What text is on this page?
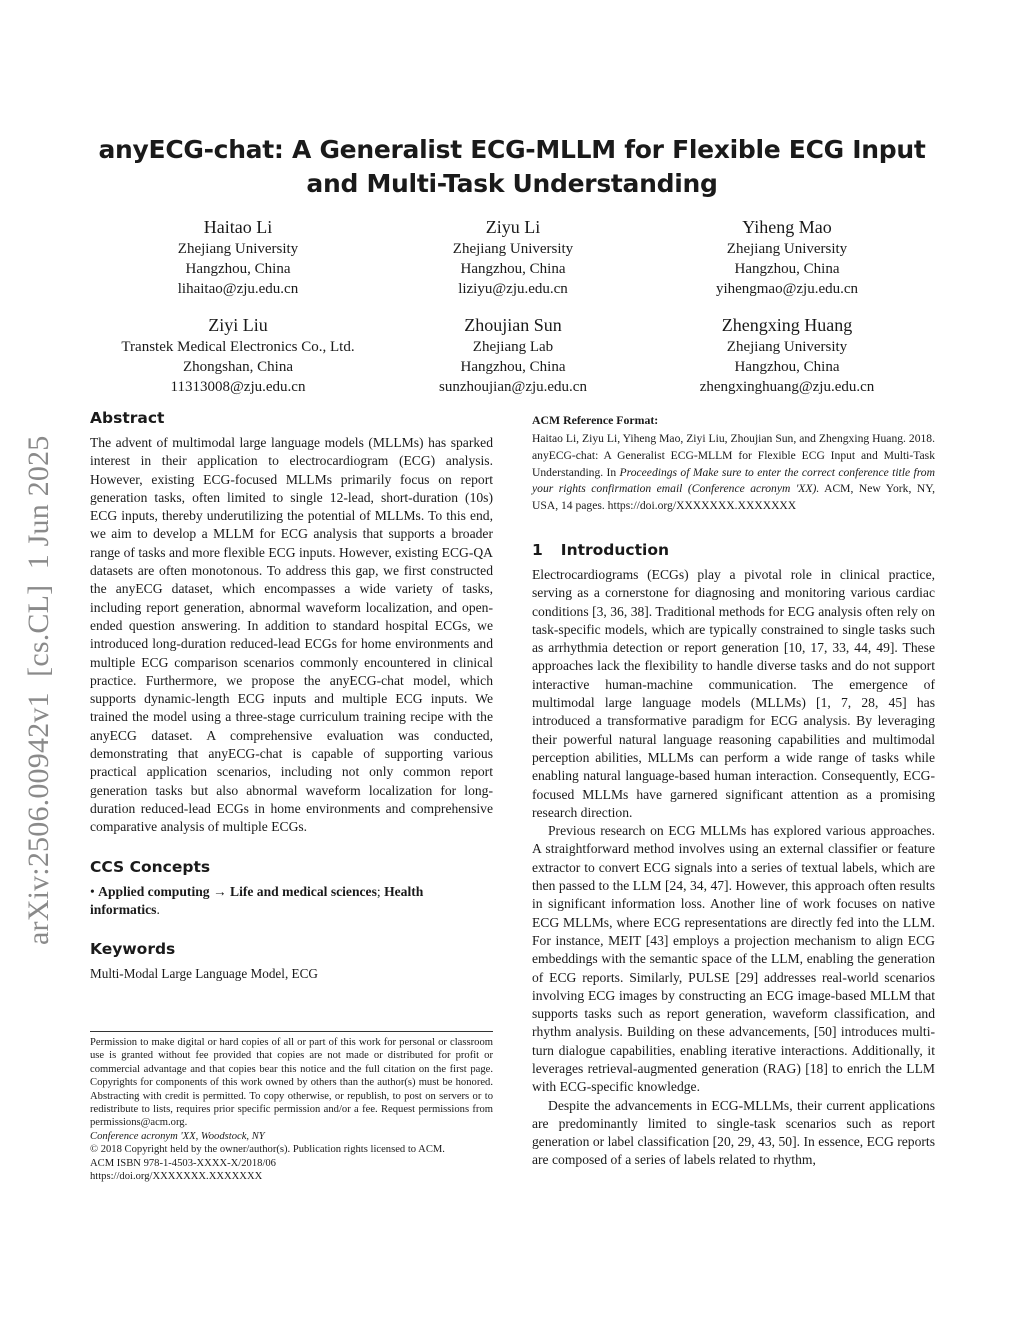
arXiv:2506.00942v1  [cs.CL]  1 Jun 2025
anyECG-chat: A Generalist ECG-MLLM for Flexible ECG Input
and Multi-Task Understanding
Haitao Li
Zhejiang University
Hangzhou, China
lihaitao@zju.edu.cn
Ziyu Li
Zhejiang University
Hangzhou, China
liziyu@zju.edu.cn
Yiheng Mao
Zhejiang University
Hangzhou, China
yihengmao@zju.edu.cn
Ziyi Liu
Transtek Medical Electronics Co., Ltd.
Zhongshan, China
11313008@zju.edu.cn
Zhoujian Sun
Zhejiang Lab
Hangzhou, China
sunzhoujian@zju.edu.cn
Zhengxing Huang
Zhejiang University
Hangzhou, China
zhengxinghuang@zju.edu.cn
Abstract

The advent of multimodal large language models (MLLMs) has sparked interest in their application to electrocardiogram (ECG) analysis. However, existing ECG-focused MLLMs primarily focus on report generation tasks, often limited to single 12-lead, short-duration (10s) ECG inputs, thereby underutilizing the potential of MLLMs. To this end, we aim to develop a MLLM for ECG analysis that supports a broader range of tasks and more flexible ECG inputs. However, existing ECG-QA datasets are often monotonous. To address this gap, we first constructed the anyECG dataset, which encompasses a wide variety of tasks, including report generation, abnormal waveform localization, and open-ended question answering. In addition to standard hospital ECGs, we introduced long-duration reduced-lead ECGs for home environments and multiple ECG comparison scenarios commonly encountered in clinical practice. Furthermore, we propose the anyECG-chat model, which supports dynamic-length ECG inputs and multiple ECG inputs. We trained the model using a three-stage curriculum training recipe with the anyECG dataset. A comprehensive evaluation was conducted, demonstrating that anyECG-chat is capable of supporting various practical application scenarios, including not only common report generation tasks but also abnormal waveform localization for long-duration reduced-lead ECGs in home environments and comprehensive comparative analysis of multiple ECGs.

CCS Concepts

• Applied computing → Life and medical sciences; Health informatics.

Keywords

Multi-Modal Large Language Model, ECG

Permission to make digital or hard copies of all or part of this work for personal or classroom use is granted without fee provided that copies are not made or distributed for profit or commercial advantage and that copies bear this notice and the full citation on the first page. Copyrights for components of this work owned by others than the author(s) must be honored. Abstracting with credit is permitted. To copy otherwise, or republish, to post on servers or to redistribute to lists, requires prior specific permission and/or a fee. Request permissions from permissions@acm.org.

Conference acronym 'XX, Woodstock, NY

© 2018 Copyright held by the owner/author(s). Publication rights licensed to ACM.

ACM ISBN 978-1-4503-XXXX-X/2018/06

https://doi.org/XXXXXXX.XXXXXXX

ACM Reference Format:

Haitao Li, Ziyu Li, Yiheng Mao, Ziyi Liu, Zhoujian Sun, and Zhengxing Huang. 2018. anyECG-chat: A Generalist ECG-MLLM for Flexible ECG Input and Multi-Task Understanding. In Proceedings of Make sure to enter the correct conference title from your rights confirmation email (Conference acronym 'XX). ACM, New York, NY, USA, 14 pages. https://doi.org/XXXXXXX.XXXXXXX

1 Introduction

Electrocardiograms (ECGs) play a pivotal role in clinical practice, serving as a cornerstone for diagnosing and monitoring various cardiac conditions [3, 36, 38]. Traditional methods for ECG analysis often rely on task-specific models, which are typically constrained to single tasks such as arrhythmia detection or report generation [10, 17, 33, 44, 49]. These approaches lack the flexibility to handle diverse tasks and do not support interactive human-machine communication. The emergence of multimodal large language models (MLLMs) [1, 7, 28, 45] has introduced a transformative paradigm for ECG analysis. By leveraging their powerful natural language reasoning capabilities and multimodal perception abilities, MLLMs can perform a wide range of tasks while enabling natural language-based human interaction. Consequently, ECG-focused MLLMs have garnered significant attention as a promising research direction.

Previous research on ECG MLLMs has explored various approaches. A straightforward method involves using an external classifier or feature extractor to convert ECG signals into a series of textual labels, which are then passed to the LLM [24, 34, 47]. However, this approach often results in significant information loss. Another line of work focuses on native ECG MLLMs, where ECG representations are directly fed into the LLM. For instance, MEIT [43] employs a projection mechanism to align ECG embeddings with the semantic space of the LLM, enabling the generation of ECG reports. Similarly, PULSE [29] addresses real-world scenarios involving ECG images by constructing an ECG image-based MLLM that supports tasks such as report generation, waveform classification, and rhythm analysis. Building on these advancements, [50] introduces multi-turn dialogue capabilities, enabling iterative interactions. Additionally, it leverages retrieval-augmented generation (RAG) [18] to enrich the LLM with ECG-specific knowledge.

Despite the advancements in ECG-MLLMs, their current applications are predominantly limited to single-task scenarios such as report generation or label classification [20, 29, 43, 50]. In essence, ECG reports are composed of a series of labels related to rhythm,
